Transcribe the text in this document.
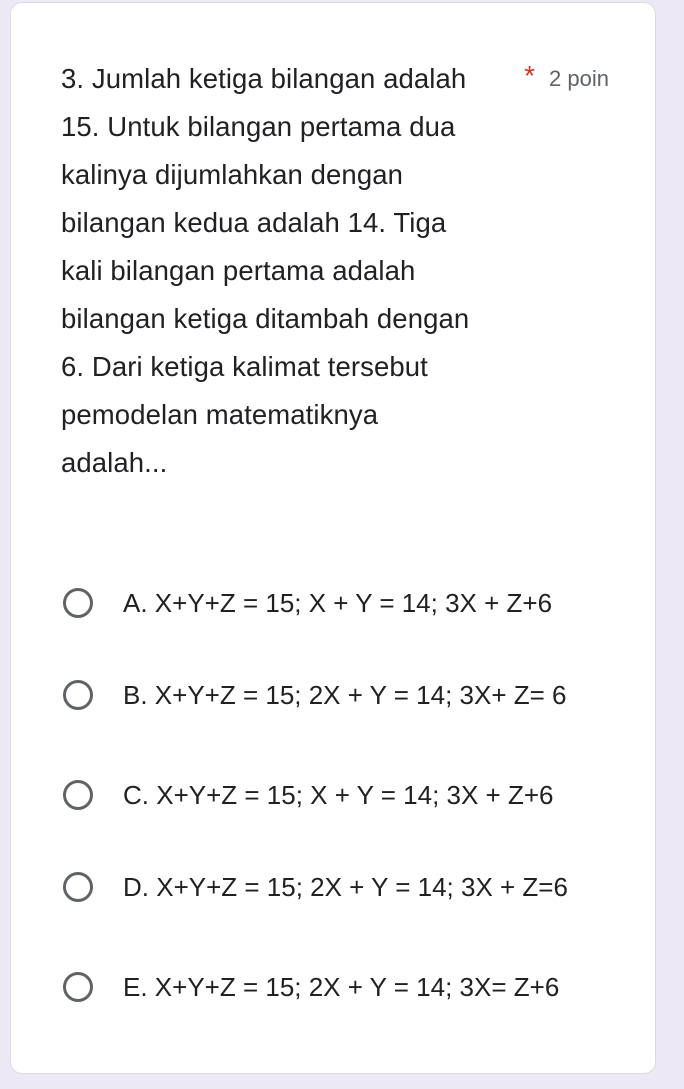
3. Jumlah ketiga bilangan adalah 15. Untuk bilangan pertama dua kalinya dijumlahkan dengan bilangan kedua adalah 14. Tiga kali bilangan pertama adalah bilangan ketiga ditambah dengan 6. Dari ketiga kalimat tersebut pemodelan matematiknya adalah...
* 2 poin
A. X+Y+Z = 15; X + Y = 14; 3X + Z+6
B. X+Y+Z = 15; 2X + Y = 14; 3X+ Z= 6
C. X+Y+Z = 15; X + Y = 14; 3X + Z+6
D. X+Y+Z = 15; 2X + Y = 14; 3X + Z=6
E. X+Y+Z = 15; 2X + Y = 14; 3X= Z+6
